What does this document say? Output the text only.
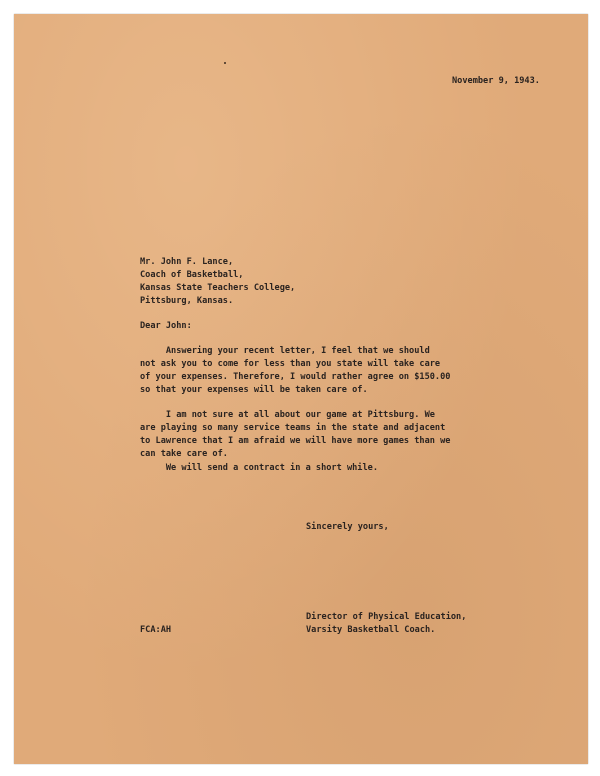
November 9, 1943.
Mr. John F. Lance,
Coach of Basketball,
Kansas State Teachers College,
Pittsburg, Kansas.
Dear John:
Answering your recent letter, I feel that we should
not ask you to come for less than you state will take care
of your expenses. Therefore, I would rather agree on $150.00
so that your expenses will be taken care of.
I am not sure at all about our game at Pittsburg. We
are playing so many service teams in the state and adjacent
to Lawrence that I am afraid we will have more games than we
can take care of.
We will send a contract in a short while.
Sincerely yours,
Director of Physical Education,
Varsity Basketball Coach.
FCA:AH
